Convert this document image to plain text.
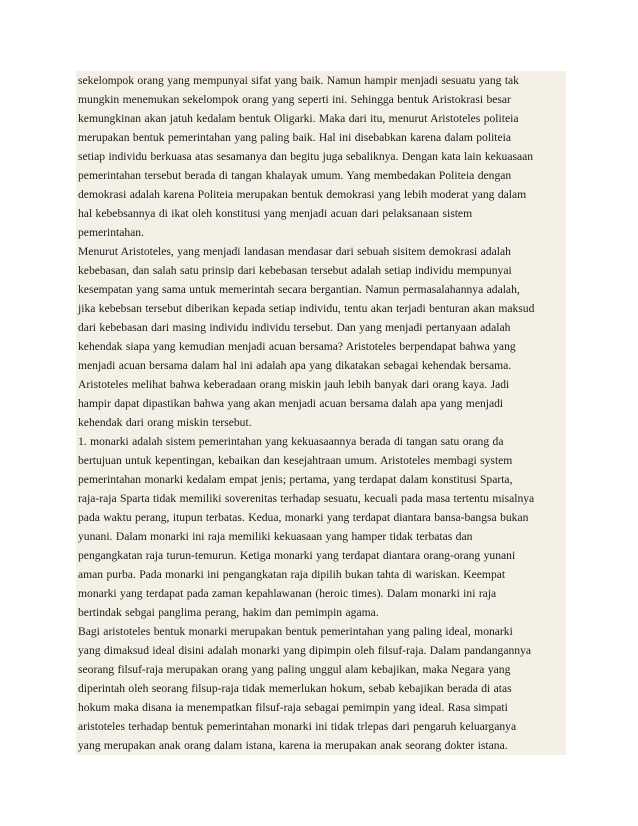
sekelompok orang yang mempunyai sifat yang baik. Namun hampir menjadi sesuatu yang tak
mungkin menemukan sekelompok orang yang seperti ini. Sehingga bentuk Aristokrasi besar
kemungkinan akan jatuh kedalam bentuk Oligarki. Maka dari itu, menurut Aristoteles politeia
merupakan bentuk pemerintahan yang paling baik. Hal ini disebabkan karena dalam politeia
setiap individu berkuasa atas sesamanya dan begitu juga sebaliknya. Dengan kata lain kekuasaan
pemerintahan tersebut berada di tangan khalayak umum. Yang membedakan Politeia dengan
demokrasi adalah karena Politeia merupakan bentuk demokrasi yang lebih moderat yang dalam
hal kebebsannya di ikat oleh konstitusi yang menjadi acuan dari pelaksanaan sistem
pemerintahan.
Menurut Aristoteles, yang menjadi landasan mendasar dari sebuah sisitem demokrasi adalah
kebebasan, dan salah satu prinsip dari kebebasan tersebut adalah setiap individu mempunyai
kesempatan yang sama untuk memerintah secara bergantian. Namun permasalahannya adalah,
jika kebebsan tersebut diberikan kepada setiap individu, tentu akan terjadi benturan akan maksud
dari kebebasan dari masing individu individu tersebut. Dan yang menjadi pertanyaan adalah
kehendak siapa yang kemudian menjadi acuan bersama? Aristoteles berpendapat bahwa yang
menjadi acuan bersama dalam hal ini adalah apa yang dikatakan sebagai kehendak bersama.
Aristoteles melihat bahwa keberadaan orang miskin jauh lebih banyak dari orang kaya. Jadi
hampir dapat dipastikan bahwa yang akan menjadi acuan bersama dalah apa yang menjadi
kehendak dari orang miskin tersebut.
1. monarki adalah sistem pemerintahan yang kekuasaannya berada di tangan satu orang da
bertujuan untuk kepentingan, kebaikan dan kesejahtraan umum. Aristoteles membagi system
pemerintahan monarki kedalam empat jenis; pertama, yang terdapat dalam konstitusi Sparta,
raja-raja Sparta tidak memiliki soverenitas terhadap sesuatu, kecuali pada masa tertentu misalnya
pada waktu perang, itupun terbatas. Kedua, monarki yang terdapat diantara bansa-bangsa bukan
yunani. Dalam monarki ini raja memiliki kekuasaan yang hamper tidak terbatas dan
pengangkatan raja turun-temurun. Ketiga monarki yang terdapat diantara orang-orang yunani
aman purba. Pada monarki ini pengangkatan raja dipilih bukan tahta di wariskan. Keempat
monarki yang terdapat pada zaman kepahlawanan (heroic times). Dalam monarki ini raja
bertindak sebgai panglima perang, hakim dan pemimpin agama.
Bagi aristoteles bentuk monarki merupakan bentuk pemerintahan yang paling ideal, monarki
yang dimaksud ideal disini adalah monarki yang dipimpin oleh filsuf-raja. Dalam pandangannya
seorang filsuf-raja merupakan orang yang paling unggul alam kebajikan, maka Negara yang
diperintah oleh seorang filsup-raja tidak memerlukan hokum, sebab kebajikan berada di atas
hokum maka disana ia menempatkan filsuf-raja sebagai pemimpin yang ideal. Rasa simpati
aristoteles terhadap bentuk pemerintahan monarki ini tidak trlepas dari pengaruh keluarganya
yang merupakan anak orang dalam istana, karena ia merupakan anak seorang dokter istana.
